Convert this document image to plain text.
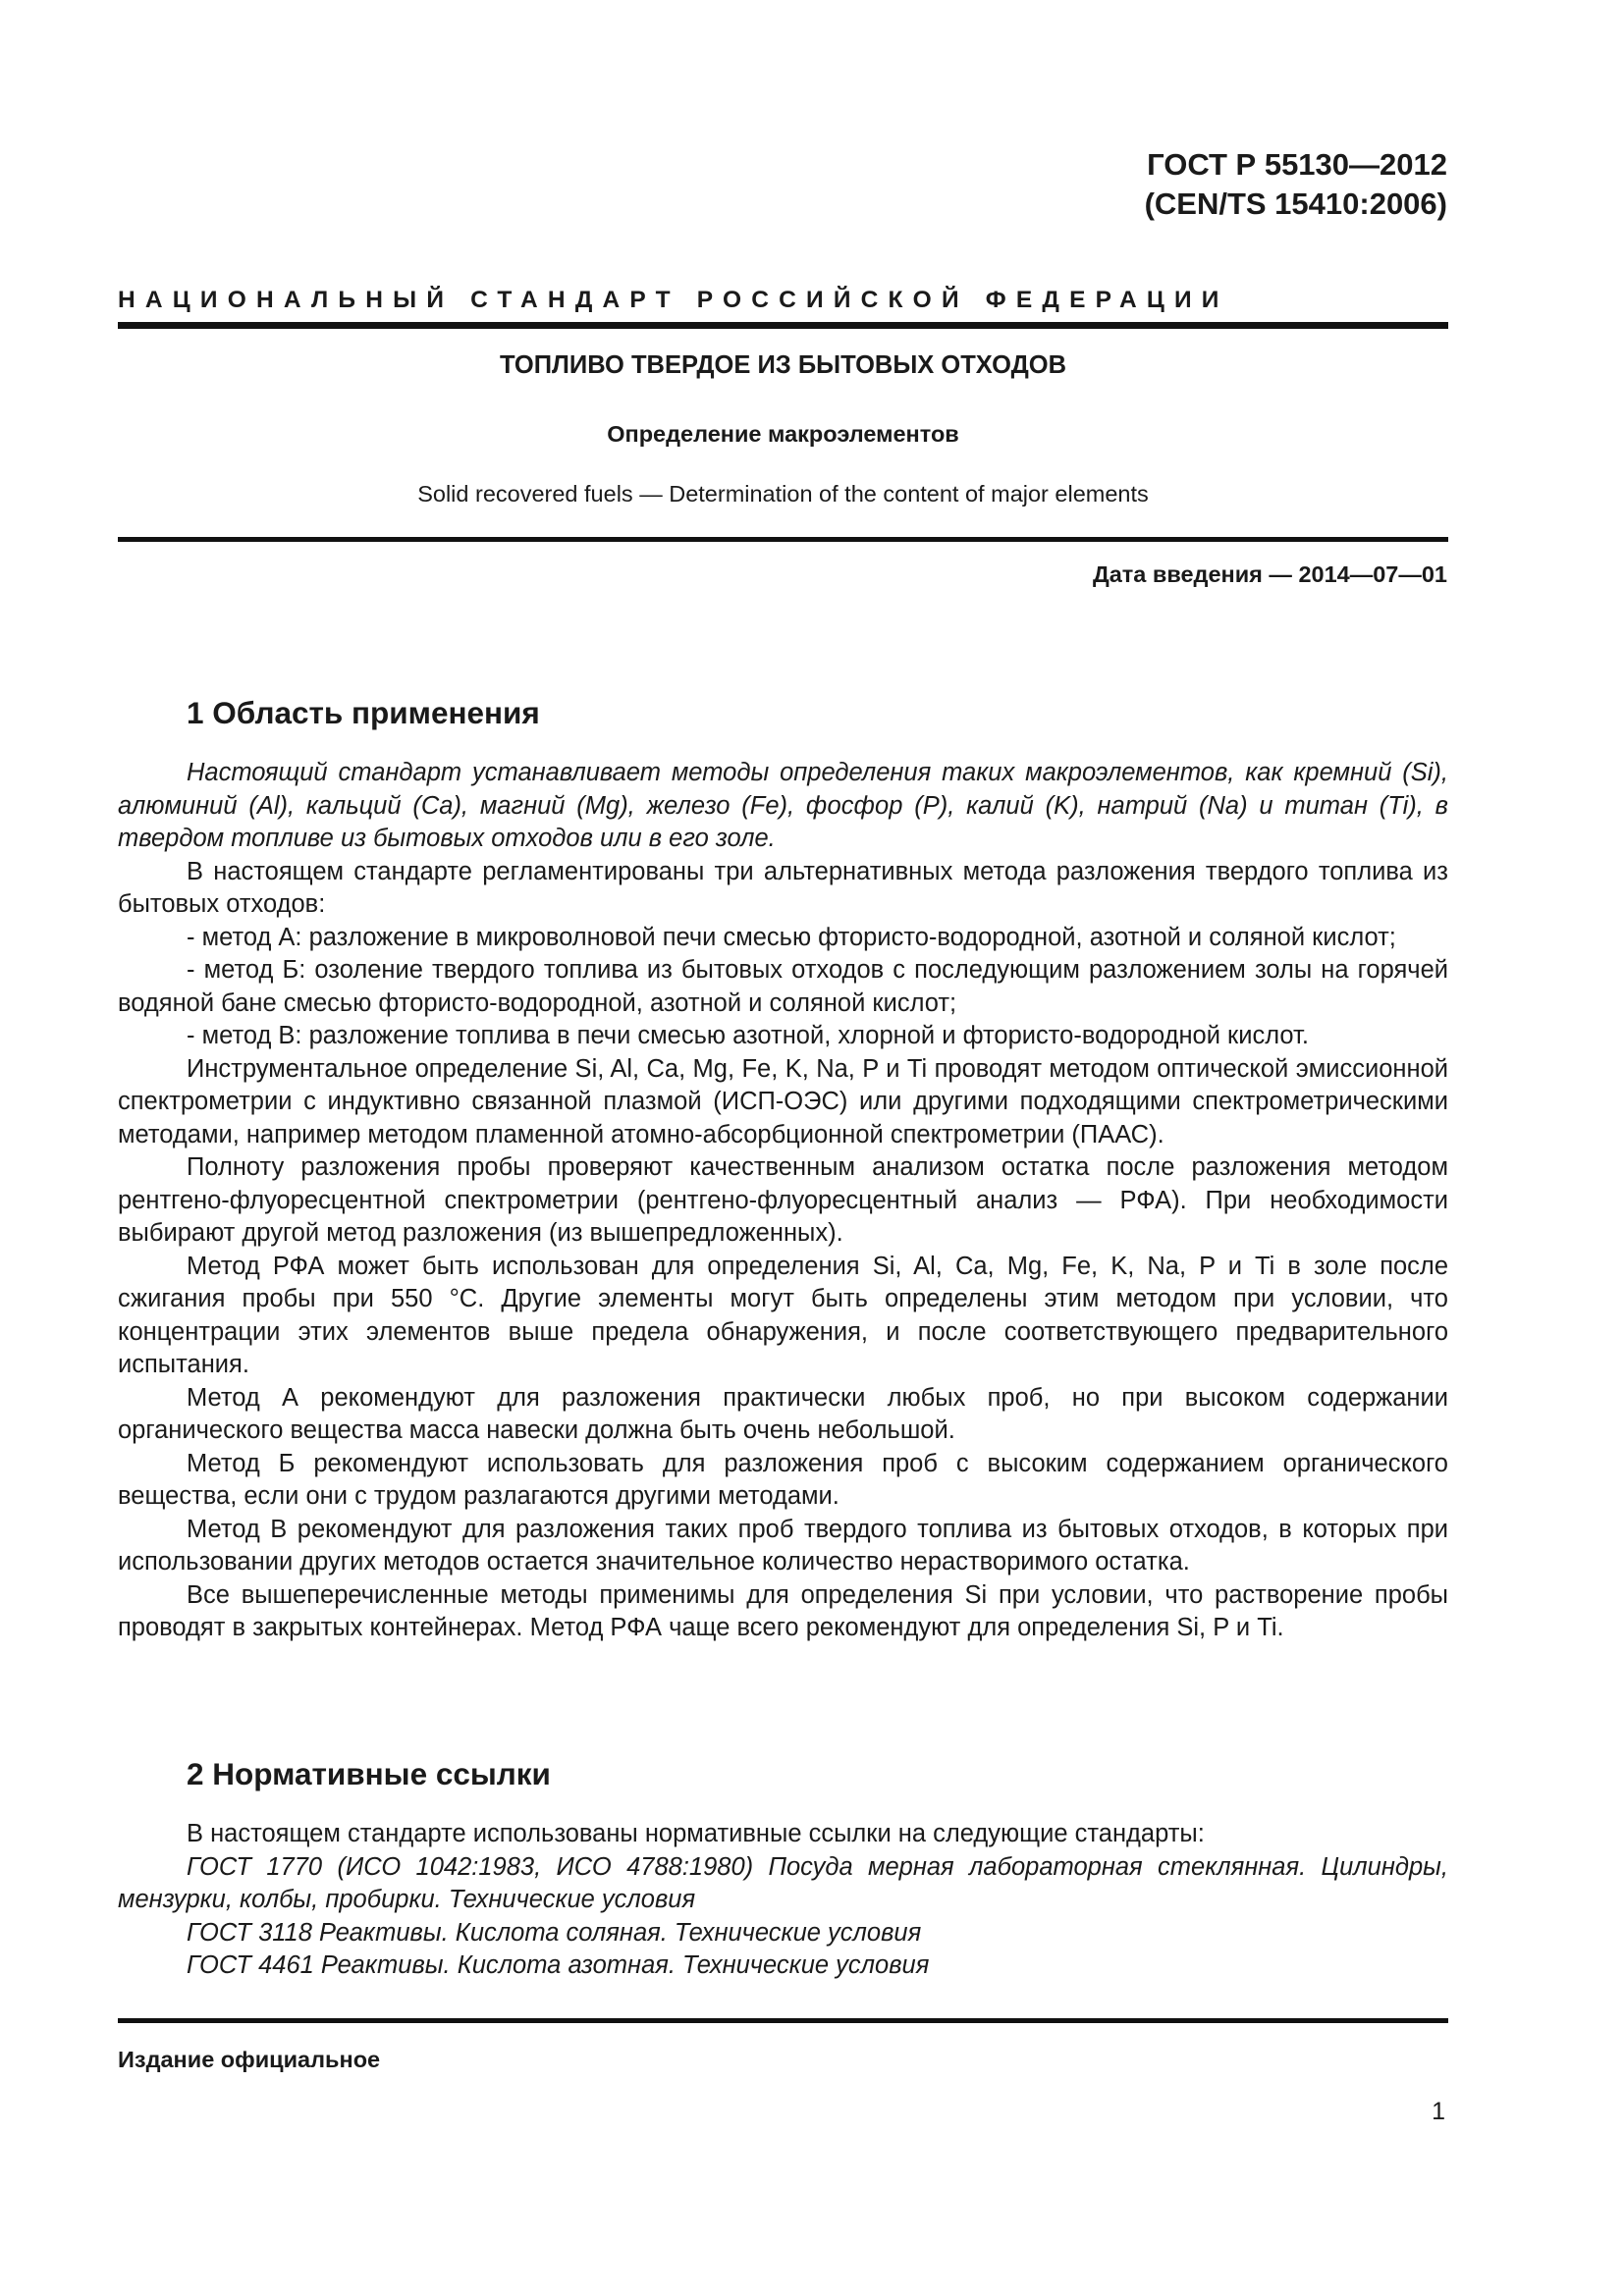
ГОСТ Р 55130—2012
(CEN/TS 15410:2006)
НАЦИОНАЛЬНЫЙ СТАНДАРТ РОССИЙСКОЙ ФЕДЕРАЦИИ
ТОПЛИВО ТВЕРДОЕ ИЗ БЫТОВЫХ ОТХОДОВ
Определение макроэлементов
Solid recovered fuels — Determination of the content of major elements
Дата введения — 2014—07—01
1 Область применения

Настоящий стандарт устанавливает методы определения таких макроэлементов, как кремний (Si), алюминий (Al), кальций (Ca), магний (Mg), железо (Fe), фосфор (P), калий (K), натрий (Na) и титан (Ti), в твердом топливе из бытовых отходов или в его золе.

В настоящем стандарте регламентированы три альтернативных метода разложения твердого топлива из бытовых отходов:

- метод А: разложение в микроволновой печи смесью фтористо-водородной, азотной и соляной кислот;

- метод Б: озоление твердого топлива из бытовых отходов с последующим разложением золы на горячей водяной бане смесью фтористо-водородной, азотной и соляной кислот;

- метод В: разложение топлива в печи смесью азотной, хлорной и фтористо-водородной кислот.

Инструментальное определение Si, Al, Ca, Mg, Fe, K, Na, P и Ti проводят методом оптической эмиссионной спектрометрии с индуктивно связанной плазмой (ИСП-ОЭС) или другими подходящими спектрометрическими методами, например методом пламенной атомно-абсорбционной спектрометрии (ПААС).

Полноту разложения пробы проверяют качественным анализом остатка после разложения методом рентгено-флуоресцентной спектрометрии (рентгено-флуоресцентный анализ — РФА). При необходимости выбирают другой метод разложения (из вышепредложенных).

Метод РФА может быть использован для определения Si, Al, Ca, Mg, Fe, K, Na, P и Ti в золе после сжигания пробы при 550 °С. Другие элементы могут быть определены этим методом при условии, что концентрации этих элементов выше предела обнаружения, и после соответствующего предварительного испытания.

Метод А рекомендуют для разложения практически любых проб, но при высоком содержании органического вещества масса навески должна быть очень небольшой.

Метод Б рекомендуют использовать для разложения проб с высоким содержанием органического вещества, если они с трудом разлагаются другими методами.

Метод В рекомендуют для разложения таких проб твердого топлива из бытовых отходов, в которых при использовании других методов остается значительное количество нерастворимого остатка.

Все вышеперечисленные методы применимы для определения Si при условии, что растворение пробы проводят в закрытых контейнерах. Метод РФА чаще всего рекомендуют для определения Si, P и Ti.

2 Нормативные ссылки

В настоящем стандарте использованы нормативные ссылки на следующие стандарты:

ГОСТ 1770 (ИСО 1042:1983, ИСО 4788:1980) Посуда мерная лабораторная стеклянная. Цилиндры, мензурки, колбы, пробирки. Технические условия

ГОСТ 3118 Реактивы. Кислота соляная. Технические условия

ГОСТ 4461 Реактивы. Кислота азотная. Технические условия

Издание официальное
1
